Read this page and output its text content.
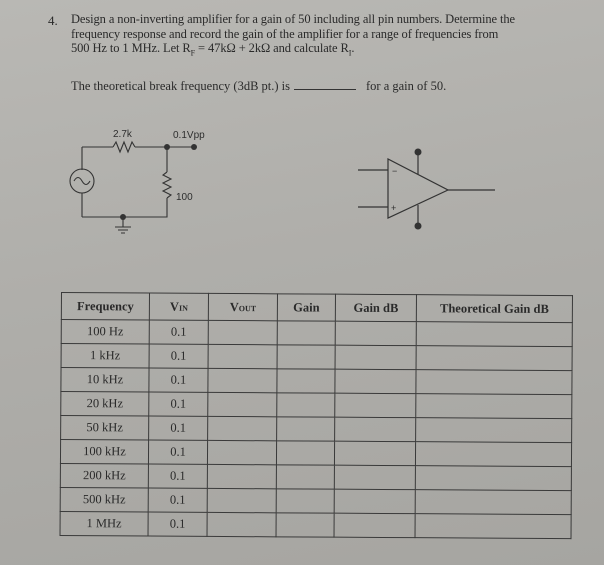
4. Design a non-inverting amplifier for a gain of 50 including all pin numbers. Determine the

frequency response and record the gain of the amplifier for a range of frequencies from

500 Hz to 1 MHz. Let $R_F = 47k\Omega + 2k\Omega$ and calculate $R_I$.

The theoretical break frequency (3dB pt.) is	for a gain of 50.
2.7k	0.1Vpp
100
−
+
Frequency	VIN	VOUT	Gain	Gain dB	Theoretical Gain dB
100 Hz	0.1				
1 kHz	0.1				
10 kHz	0.1				
20 kHz	0.1				
50 kHz	0.1				
100 kHz	0.1				
200 kHz	0.1				
500 kHz	0.1				
1 MHz	0.1				
